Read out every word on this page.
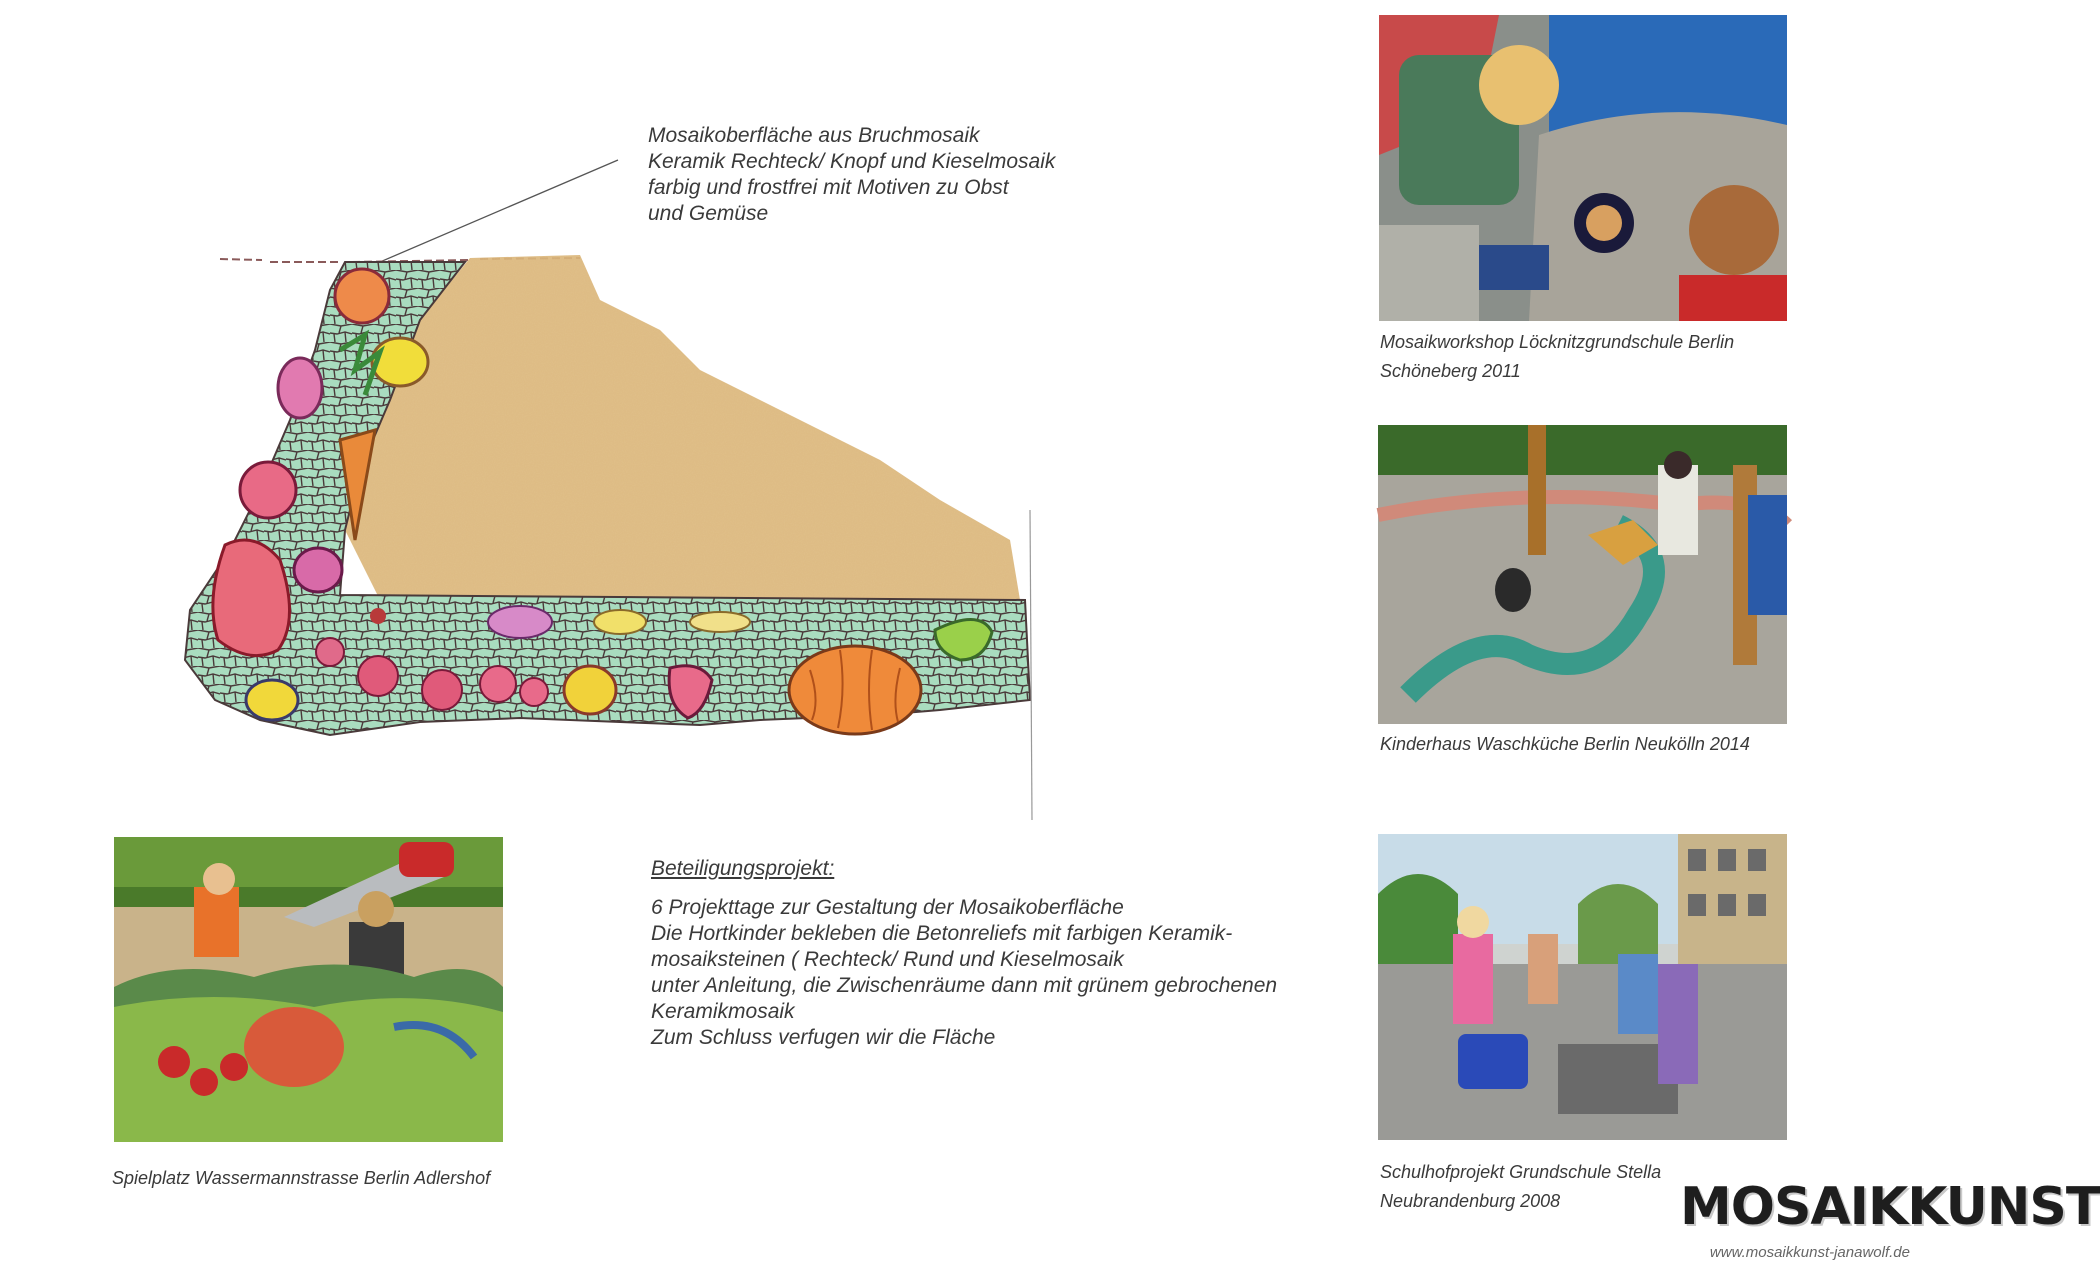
Mosaikoberfläche aus Bruchmosaik
Keramik Rechteck/ Knopf und Kieselmosaik
farbig und frostfrei mit Motiven zu Obst
und Gemüse
Beteiligungsprojekt:
6 Projekttage zur Gestaltung der Mosaikoberfläche
Die Hortkinder bekleben die Betonreliefs mit farbigen Keramik-
mosaiksteinen ( Rechteck/ Rund und Kieselmosaik
unter Anleitung, die Zwischenräume dann mit grünem gebrochenen
Keramikmosaik
Zum Schluss verfugen wir die Fläche
Spielplatz Wassermannstrasse Berlin Adlershof
Mosaikworkshop Löcknitzgrundschule Berlin
Schöneberg 2011
Kinderhaus Waschküche Berlin Neukölln 2014
Schulhofprojekt Grundschule Stella
Neubrandenburg 2008	MOSAIKKUNST
www.mosaikkunst-janawolf.de
